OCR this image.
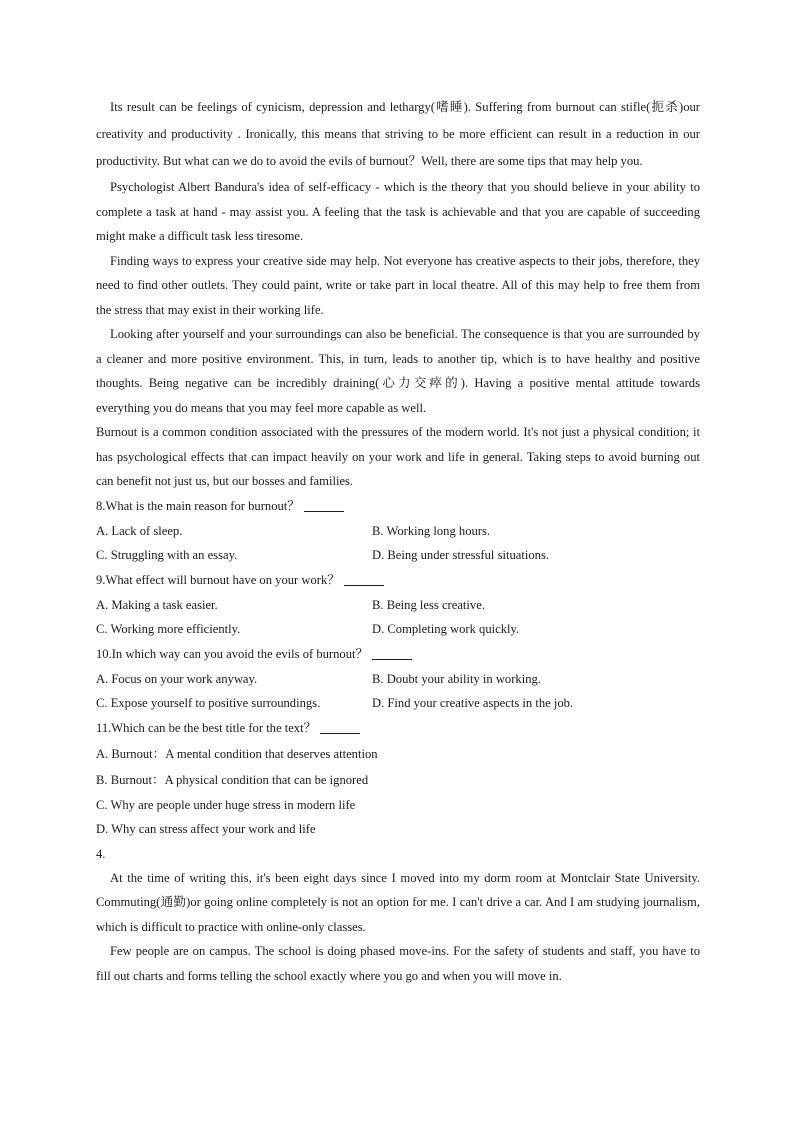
Its result can be feelings of cynicism, depression and lethargy(嗜睡). Suffering from burnout can stifle(扼杀)our creativity and productivity . Ironically, this means that striving to be more efficient can result in a reduction in our productivity. But what can we do to avoid the evils of burnout？Well, there are some tips that may help you.

Psychologist Albert Bandura's idea of self-efficacy - which is the theory that you should believe in your ability to complete a task at hand - may assist you. A feeling that the task is achievable and that you are capable of succeeding might make a difficult task less tiresome.

Finding ways to express your creative side may help. Not everyone has creative aspects to their jobs, therefore, they need to find other outlets. They could paint, write or take part in local theatre. All of this may help to free them from the stress that may exist in their working life.

Looking after yourself and your surroundings can also be beneficial. The consequence is that you are surrounded by a cleaner and more positive environment. This, in turn, leads to another tip, which is to have healthy and positive thoughts. Being negative can be incredibly draining(心力交瘁的). Having a positive mental attitude towards everything you do means that you may feel more capable as well.

Burnout is a common condition associated with the pressures of the modern world. It's not just a physical condition; it has psychological effects that can impact heavily on your work and life in general. Taking steps to avoid burning out can benefit not just us, but our bosses and families.

8.What is the main reason for burnout？
A. Lack of sleep.	B. Working long hours.
C. Struggling with an essay.	D. Being under stressful situations.
9.What effect will burnout have on your work？
A. Making a task easier.	B. Being less creative.
C. Working more efficiently.	D. Completing work quickly.
10.In which way can you avoid the evils of burnout？
A. Focus on your work anyway.	B. Doubt your ability in working.
C. Expose yourself to positive surroundings.	D. Find your creative aspects in the job.
11.Which can be the best title for the text？
A. Burnout：A mental condition that deserves attention
B. Burnout：A physical condition that can be ignored
C. Why are people under huge stress in modern life
D. Why can stress affect your work and life

4.

At the time of writing this, it's been eight days since I moved into my dorm room at Montclair State University. Commuting(通勤)or going online completely is not an option for me. I can't drive a car. And I am studying journalism, which is difficult to practice with online-only classes.

Few people are on campus. The school is doing phased move-ins. For the safety of students and staff, you have to fill out charts and forms telling the school exactly where you go and when you will move in.
